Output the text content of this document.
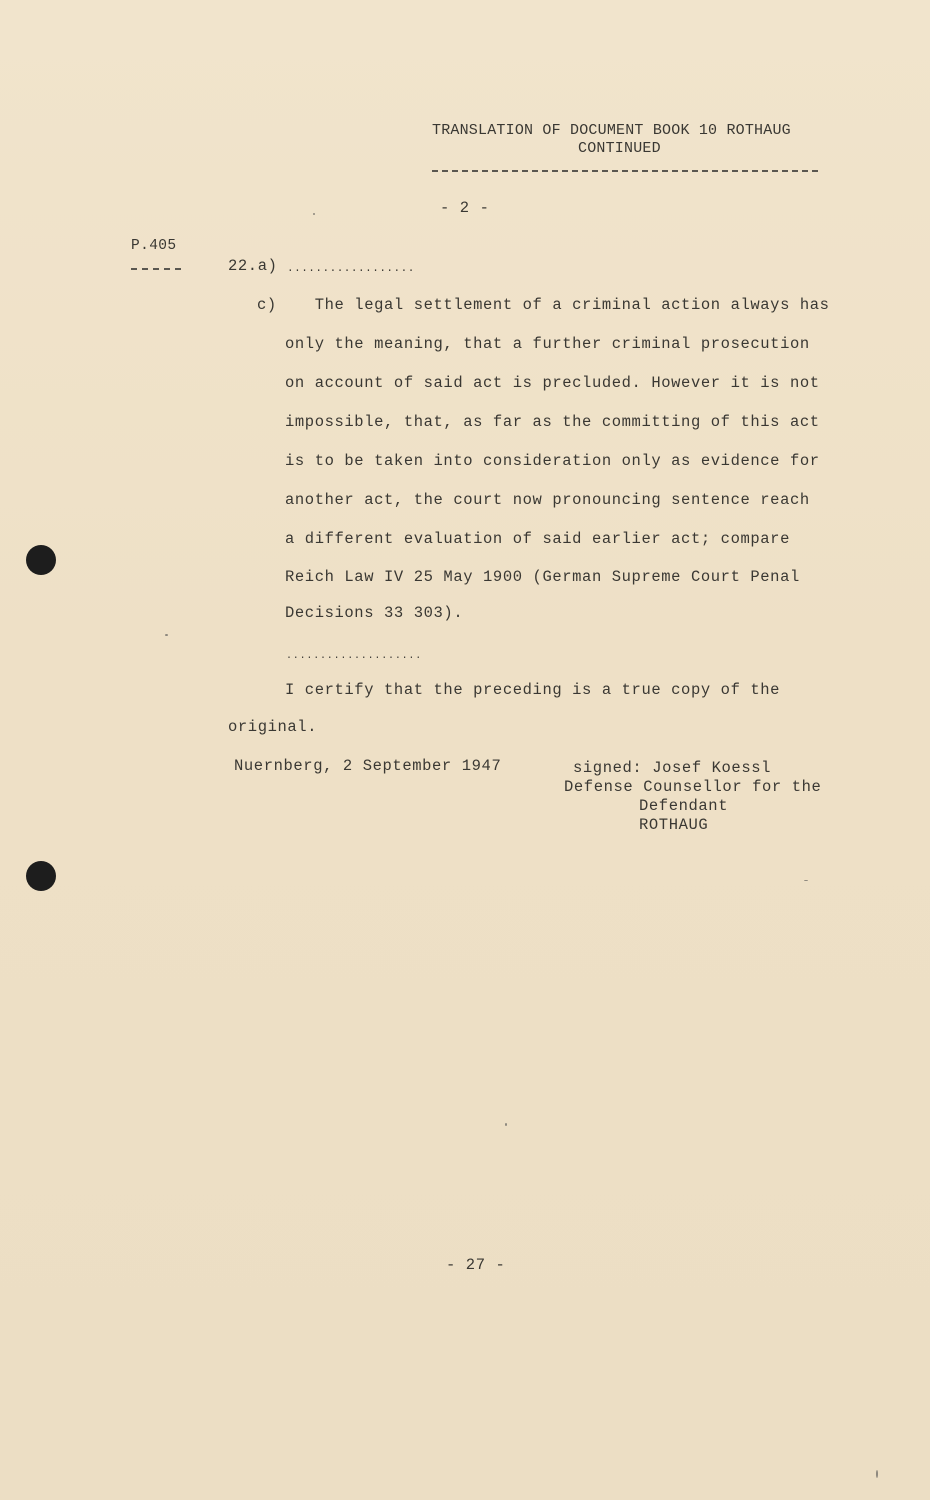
TRANSLATION OF DOCUMENT BOOK 10 ROTHAUG
CONTINUED
- 2 -
P.405
22.a) ..................
c) The legal settlement of a criminal action always has
only the meaning, that a further criminal prosecution
on account of said act is precluded. However it is not
impossible, that, as far as the committing of this act
is to be taken into consideration only as evidence for
another act, the court now pronouncing sentence reach
a different evaluation of said earlier act; compare
Reich Law IV 25 May 1900 (German Supreme Court Penal
Decisions 33 303).
....................
I certify that the preceding is a true copy of the
original.
Nuernberg, 2 September 1947	signed: Josef Koessl
Defense Counsellor for the
Defendant
ROTHAUG
- 27 -
